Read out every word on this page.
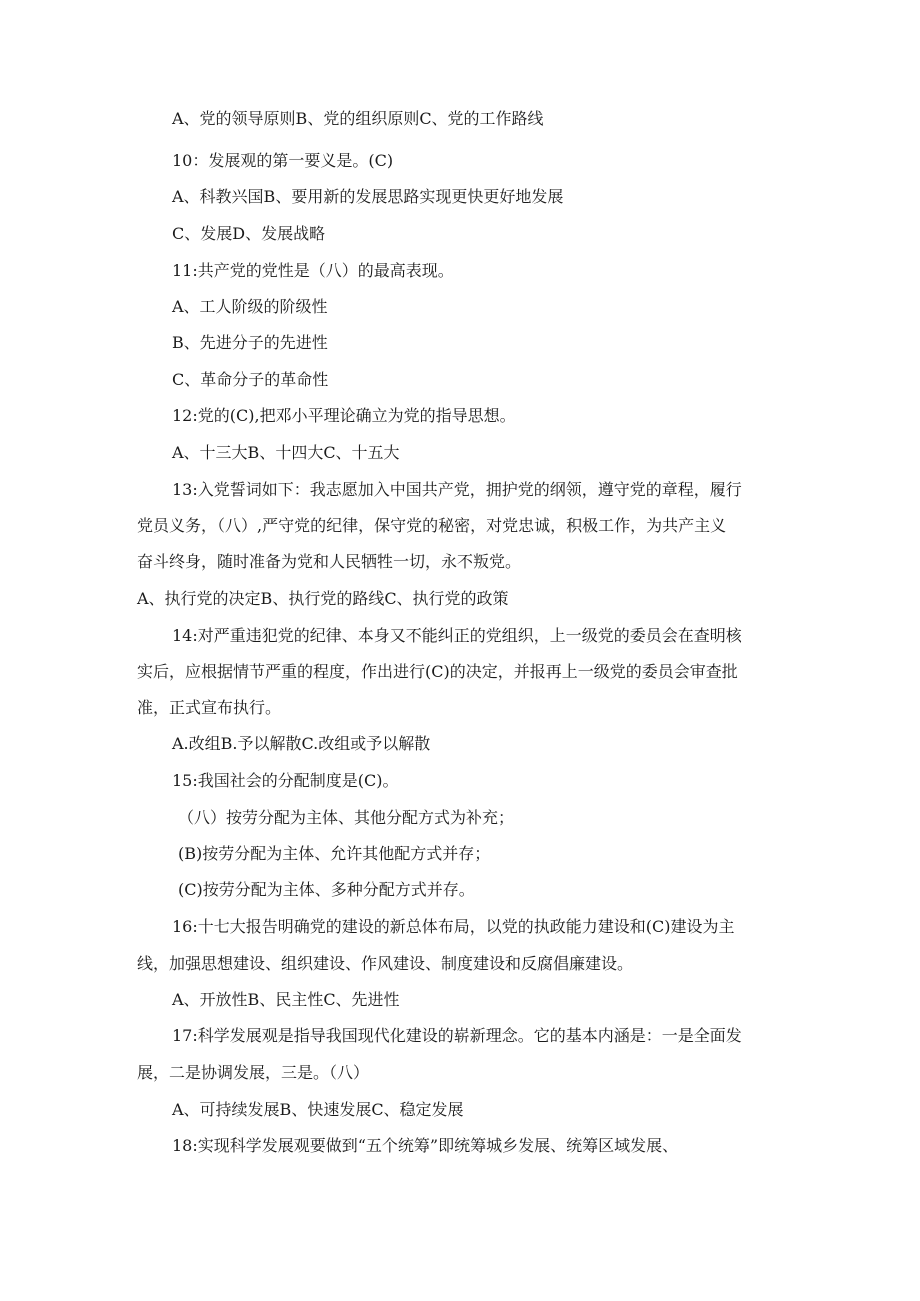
A、党的领导原则B、党的组织原则C、党的工作路线
10：发展观的第一要义是。(C)
A、科教兴国B、要用新的发展思路实现更快更好地发展
C、发展D、发展战略
11:共产党的党性是（八）的最高表现。
A、工人阶级的阶级性
B、先进分子的先进性
C、革命分子的革命性
12:党的(C),把邓小平理论确立为党的指导思想。
A、十三大B、十四大C、十五大
13:入党誓词如下：我志愿加入中国共产党，拥护党的纲领，遵守党的章程，履行
党员义务，（八）,严守党的纪律，保守党的秘密，对党忠诚，积极工作，为共产主义
奋斗终身，随时准备为党和人民牺牲一切，永不叛党。
A、执行党的决定B、执行党的路线C、执行党的政策
14:对严重违犯党的纪律、本身又不能纠正的党组织，上一级党的委员会在查明核
实后，应根据情节严重的程度，作出进行(C)的决定，并报再上一级党的委员会审查批
准，正式宣布执行。
A.改组B.予以解散C.改组或予以解散
15:我国社会的分配制度是(C)。
（八）按劳分配为主体、其他分配方式为补充；
(B)按劳分配为主体、允许其他配方式并存；
(C)按劳分配为主体、多种分配方式并存。
16:十七大报告明确党的建设的新总体布局，以党的执政能力建设和(C)建设为主
线，加强思想建设、组织建设、作风建设、制度建设和反腐倡廉建设。
A、开放性B、民主性C、先进性
17:科学发展观是指导我国现代化建设的崭新理念。它的基本内涵是：一是全面发
展，二是协调发展，三是。（八）
A、可持续发展B、快速发展C、稳定发展
18:实现科学发展观要做到“五个统筹”即统筹城乡发展、统筹区域发展、
